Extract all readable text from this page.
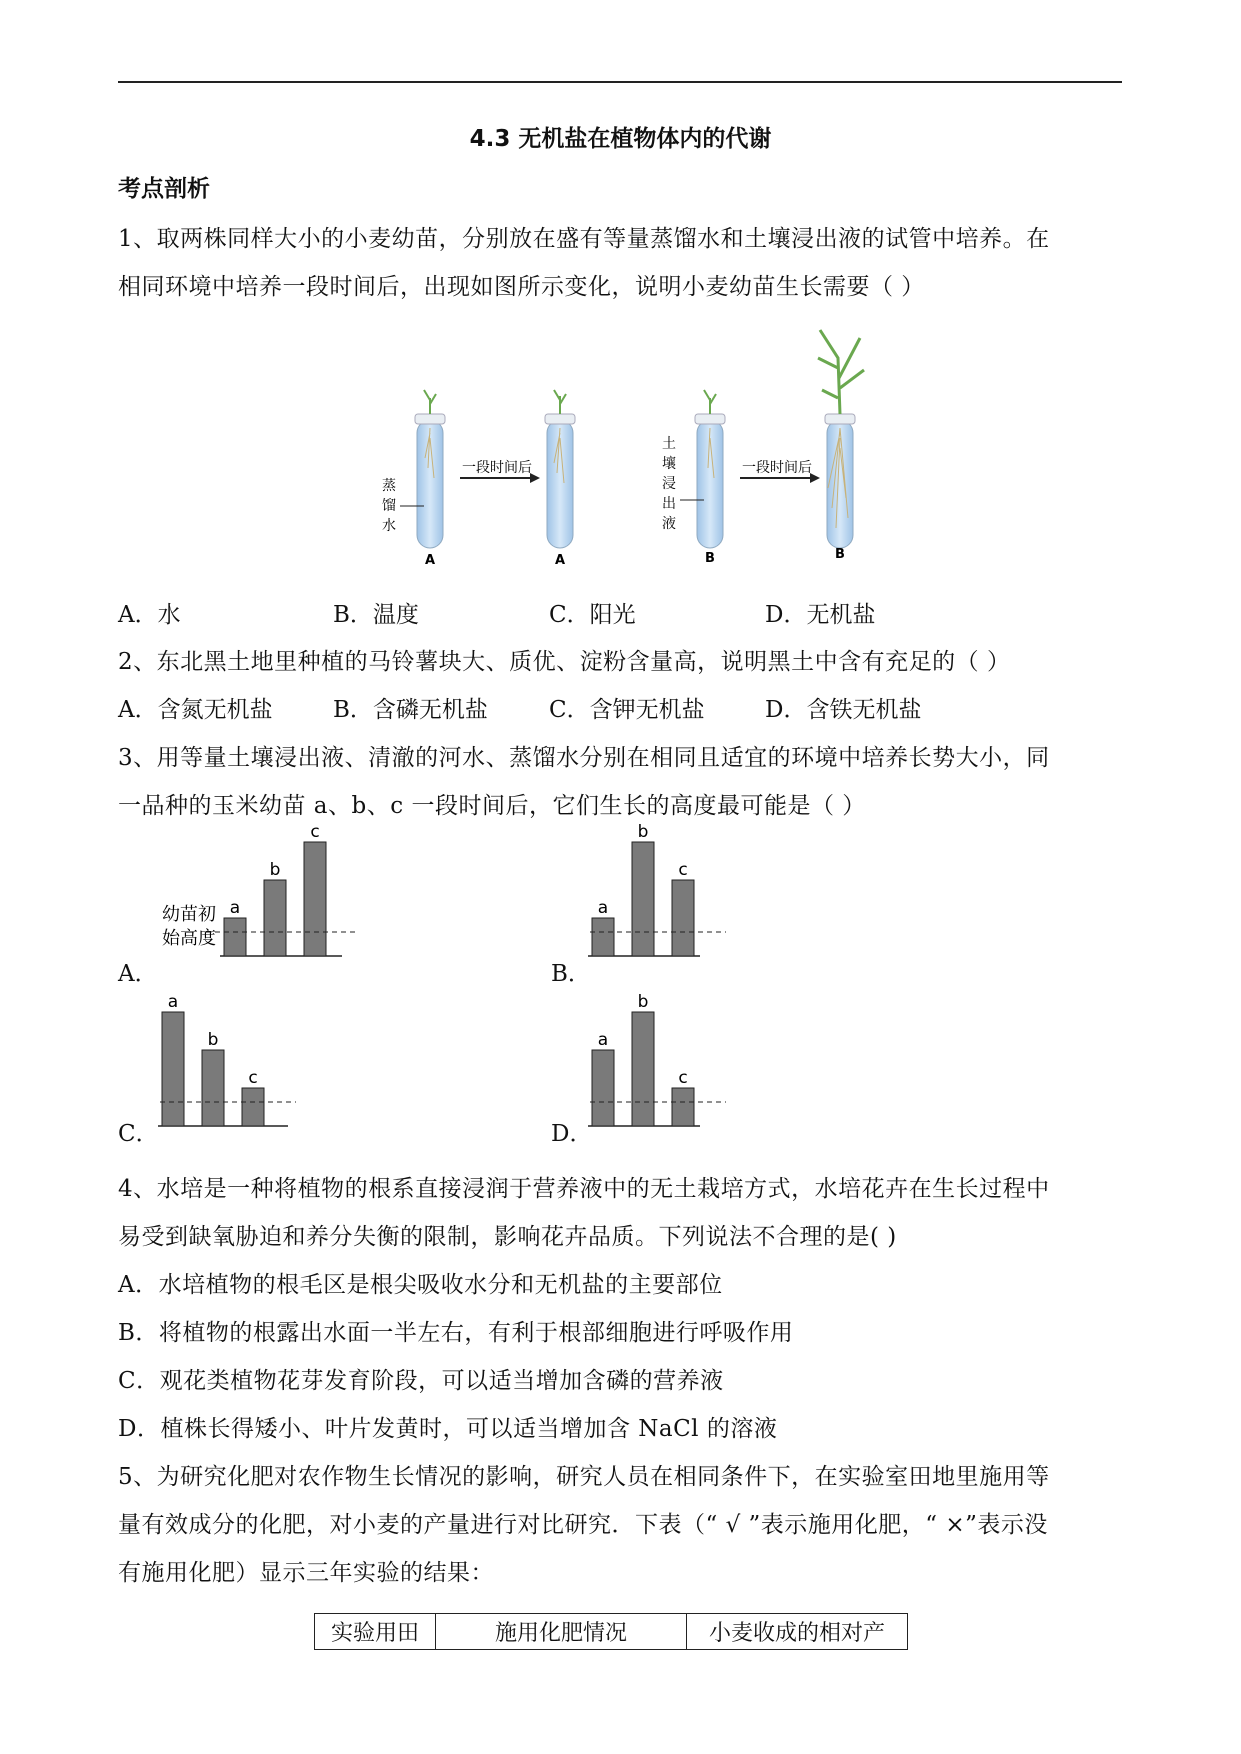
4.3 无机盐在植物体内的代谢
考点剖析
1、取两株同样大小的小麦幼苗，分别放在盛有等量蒸馏水和土壤浸出液的试管中培养。在
相同环境中培养一段时间后，出现如图所示变化，说明小麦幼苗生长需要（ ）
一段时间后	一段时间后
蒸
馏
水
土
壤
浸
出
液
A	A	B	B
A．水	B．温度	C．阳光	D．无机盐
2、东北黑土地里种植的马铃薯块大、质优、淀粉含量高，说明黑土中含有充足的（ ）
A．含氮无机盐	B．含磷无机盐	C．含钾无机盐	D．含铁无机盐
3、用等量土壤浸出液、清澈的河水、蒸馏水分别在相同且适宜的环境中培养长势大小，同
一品种的玉米幼苗 a、b、c 一段时间后，它们生长的高度最可能是（ ）
A．	B．
C．	D．
幼苗初
始高度
a
b
c
a
b
c
a
b
c
a
b
c
4、水培是一种将植物的根系直接浸润于营养液中的无土栽培方式，水培花卉在生长过程中
易受到缺氧胁迫和养分失衡的限制，影响花卉品质。下列说法不合理的是( )
A．水培植物的根毛区是根尖吸收水分和无机盐的主要部位
B．将植物的根露出水面一半左右，有利于根部细胞进行呼吸作用
C．观花类植物花芽发育阶段，可以适当增加含磷的营养液
D．植株长得矮小、叶片发黄时，可以适当增加含 NaCl 的溶液
5、为研究化肥对农作物生长情况的影响，研究人员在相同条件下，在实验室田地里施用等
量有效成分的化肥，对小麦的产量进行对比研究．下表（“ √ ”表示施用化肥，“ ×”表示没
有施用化肥）显示三年实验的结果：
实验用田	施用化肥情况	小麦收成的相对产
